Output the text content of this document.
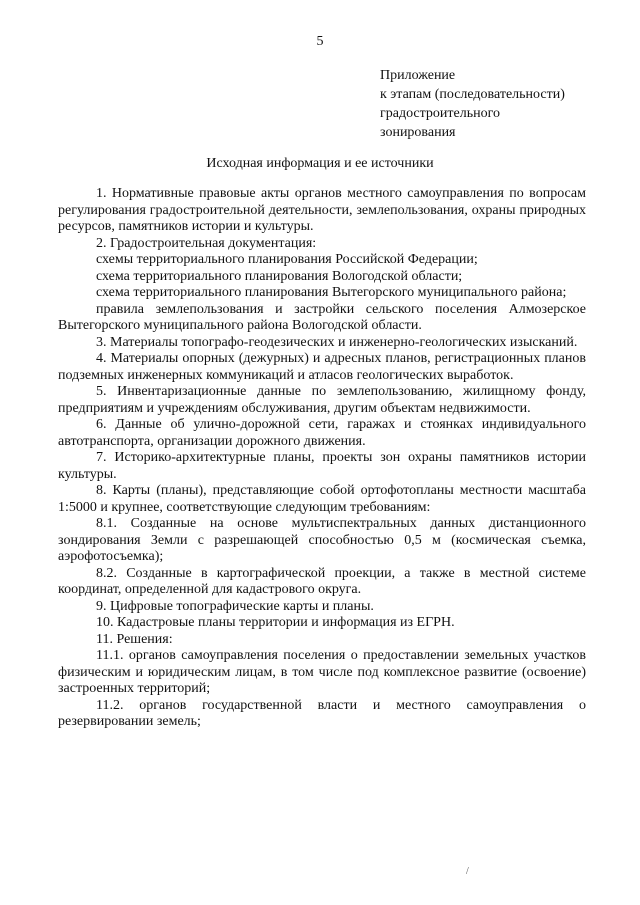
5
Приложение
к этапам (последовательности)
градостроительного
зонирования
Исходная информация и ее источники

1. Нормативные правовые акты органов местного самоуправления по вопросам регулирования градостроительной деятельности, землепользования, охраны природных ресурсов, памятников истории и культуры.

2. Градостроительная документация:

схемы территориального планирования Российской Федерации;

схема территориального планирования Вологодской области;

схема территориального планирования Вытегорского муниципального района;

правила землепользования и застройки сельского поселения Алмозерское Вытегорского муниципального района Вологодской области.

3. Материалы топографо-геодезических и инженерно-геологических изысканий.

4. Материалы опорных (дежурных) и адресных планов, регистрационных планов подземных инженерных коммуникаций и атласов геологических выработок.

5. Инвентаризационные данные по землепользованию, жилищному фонду, предприятиям и учреждениям обслуживания, другим объектам недвижимости.

6. Данные об улично-дорожной сети, гаражах и стоянках индивидуального автотранспорта, организации дорожного движения.

7. Историко-архитектурные планы, проекты зон охраны памятников истории культуры.

8. Карты (планы), представляющие собой ортофотопланы местности масштаба 1:5000 и крупнее, соответствующие следующим требованиям:

8.1. Созданные на основе мультиспектральных данных дистанционного зондирования Земли с разрешающей способностью 0,5 м (космическая съемка, аэрофотосъемка);

8.2. Созданные в картографической проекции, а также в местной системе координат, определенной для кадастрового округа.

9. Цифровые топографические карты и планы.

10. Кадастровые планы территории и информация из ЕГРН.

11. Решения:

11.1. органов самоуправления поселения о предоставлении земельных участков физическим и юридическим лицам, в том числе под комплексное развитие (освоение) застроенных территорий;

11.2. органов государственной власти и местного самоуправления о резервировании земель;

/
